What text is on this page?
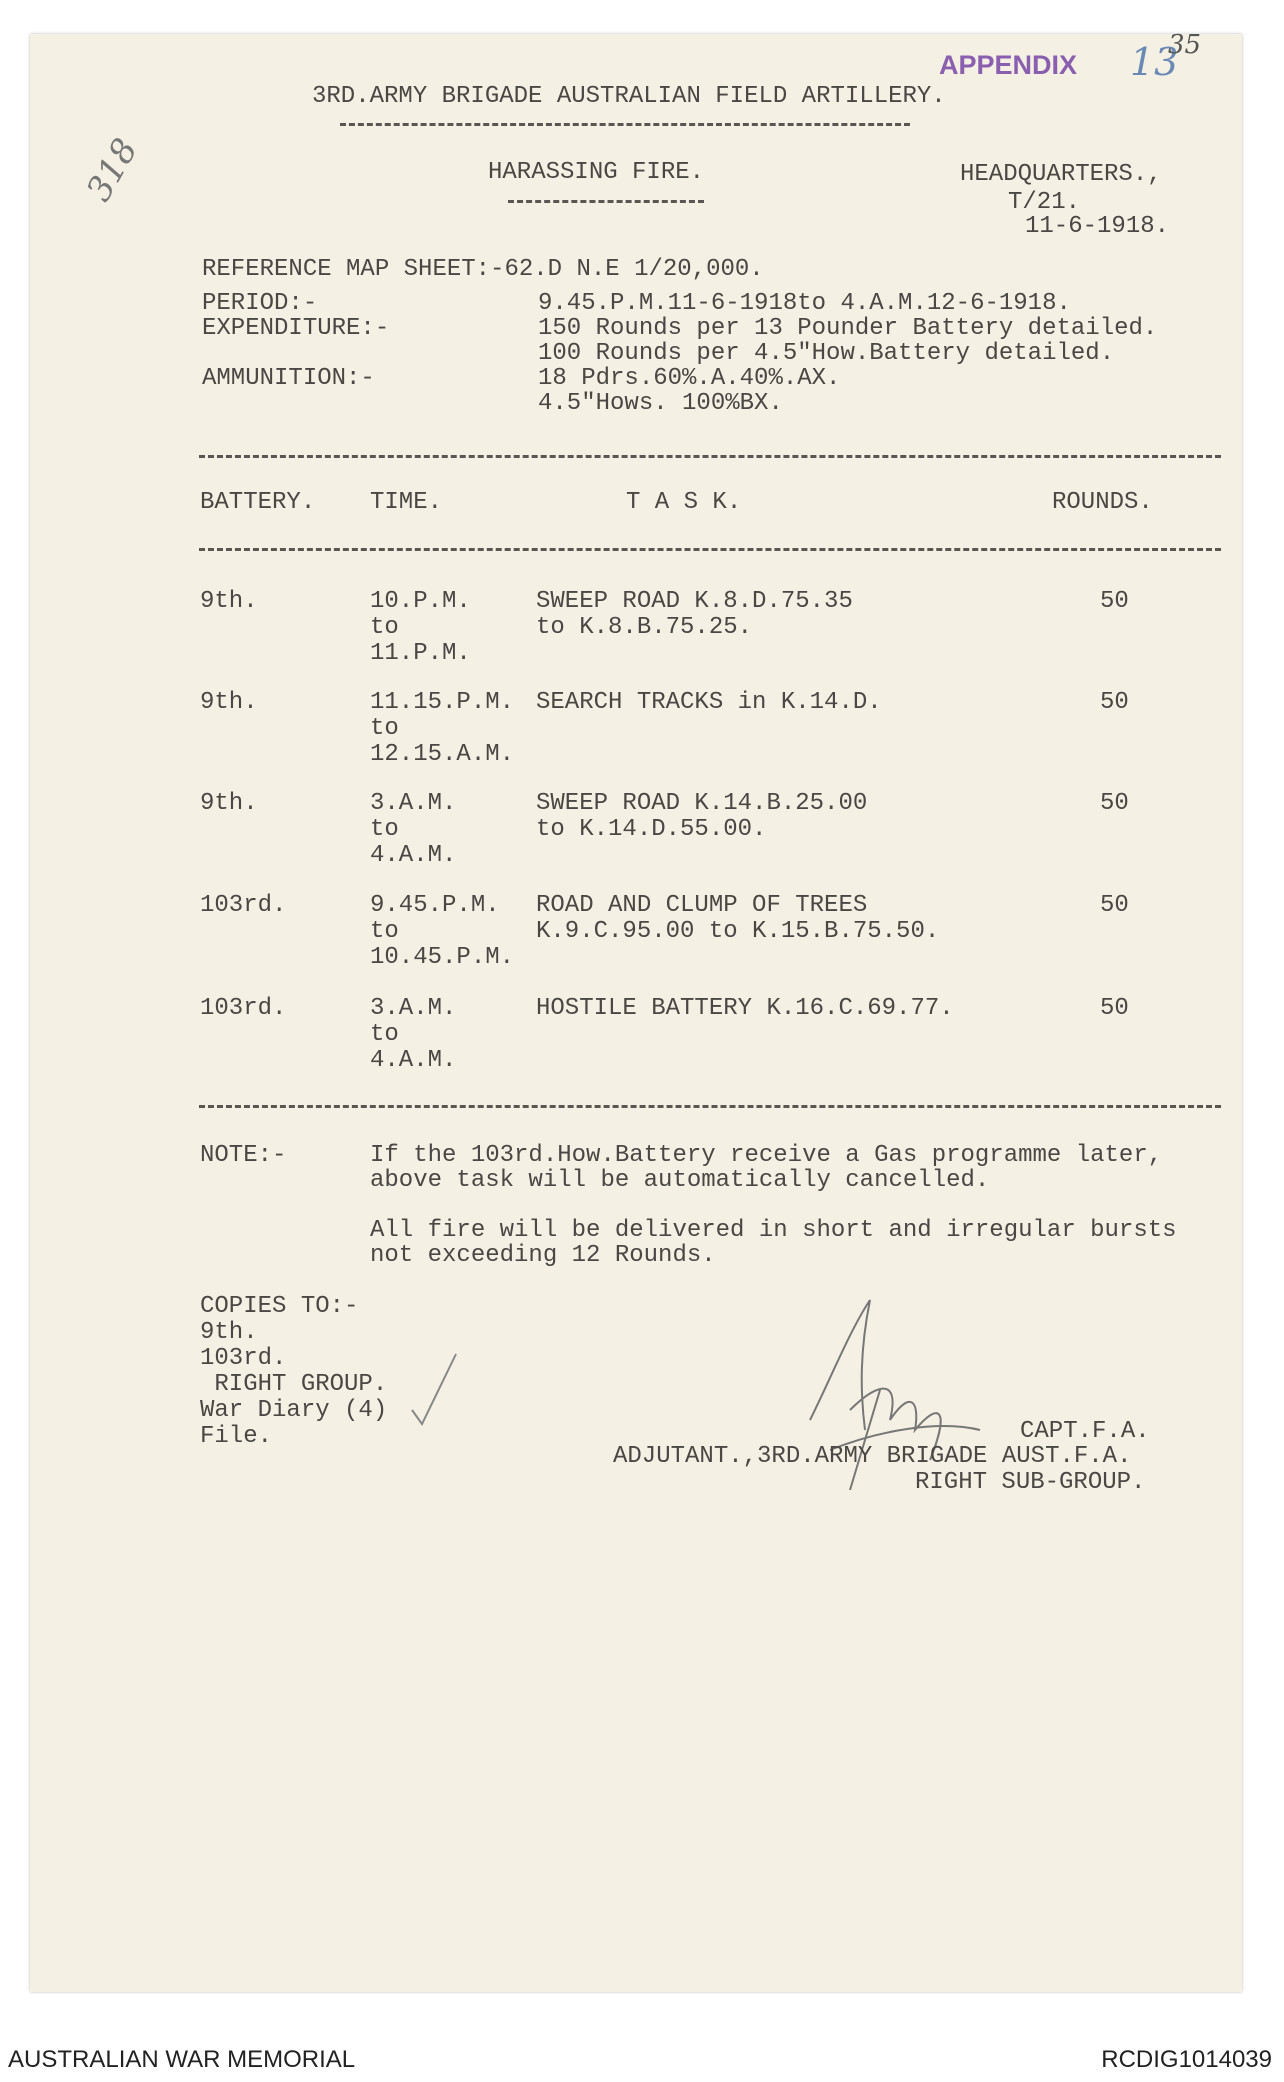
318
APPENDIX 13
35
3RD.ARMY BRIGADE AUSTRALIAN FIELD ARTILLERY.
HARASSING FIRE.	HEADQUARTERS.,
T/21.
11-6-1918.
REFERENCE MAP SHEET:-62.D N.E 1/20,000.
PERIOD:-	9.45.P.M.11-6-1918to 4.A.M.12-6-1918.
EXPENDITURE:-	150 Rounds per 13 Pounder Battery detailed.
100 Rounds per 4.5"How.Battery detailed.
AMMUNITION:-	18 Pdrs.60%.A.40%.AX.
4.5"Hows. 100%BX.
BATTERY. TIME.	T A S K.	ROUNDS.
9th.	10.P.M.
to
11.P.M.
SWEEP ROAD K.8.D.75.35
to K.8.B.75.25.
50
9th.	11.15.P.M.
to
12.15.A.M.
SEARCH TRACKS in K.14.D.	50
9th.	3.A.M.
to
4.A.M.
SWEEP ROAD K.14.B.25.00
to K.14.D.55.00.
50
103rd.	9.45.P.M.
to
10.45.P.M.
ROAD AND CLUMP OF TREES
K.9.C.95.00 to K.15.B.75.50.
50
103rd.	3.A.M.
to
4.A.M.
HOSTILE BATTERY K.16.C.69.77.	50
NOTE:-	If the 103rd.How.Battery receive a Gas programme later,
above task will be automatically cancelled.
All fire will be delivered in short and irregular bursts
not exceeding 12 Rounds.
COPIES TO:-
9th.
103rd.
RIGHT GROUP.
War Diary (4)
File.	CAPT.F.A.
ADJUTANT.,3RD.ARMY BRIGADE AUST.F.A.
RIGHT SUB-GROUP.
AUSTRALIAN WAR MEMORIAL	RCDIG1014039
